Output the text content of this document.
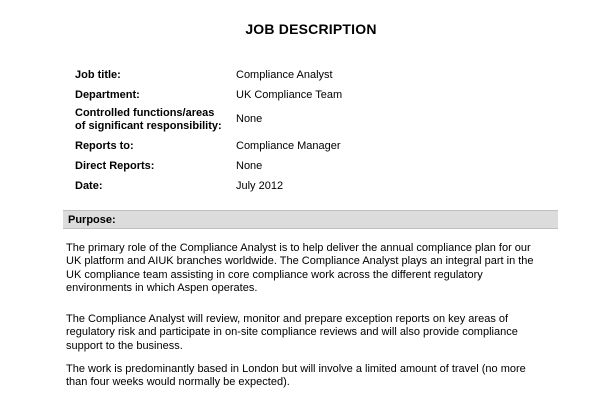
JOB DESCRIPTION
Job title:	Compliance Analyst
Department:	UK Compliance Team
Controlled functions/areas
of significant responsibility:
None
Reports to:	Compliance Manager
Direct Reports:	None
Date:	July 2012
Purpose:
The primary role of the Compliance Analyst is to help deliver the annual compliance plan for our
UK platform and AIUK branches worldwide. The Compliance Analyst plays an integral part in the
UK compliance team assisting in core compliance work across the different regulatory
environments in which Aspen operates.
The Compliance Analyst will review, monitor and prepare exception reports on key areas of
regulatory risk and participate in on-site compliance reviews and will also provide compliance
support to the business.
The work is predominantly based in London but will involve a limited amount of travel (no more
than four weeks would normally be expected).
